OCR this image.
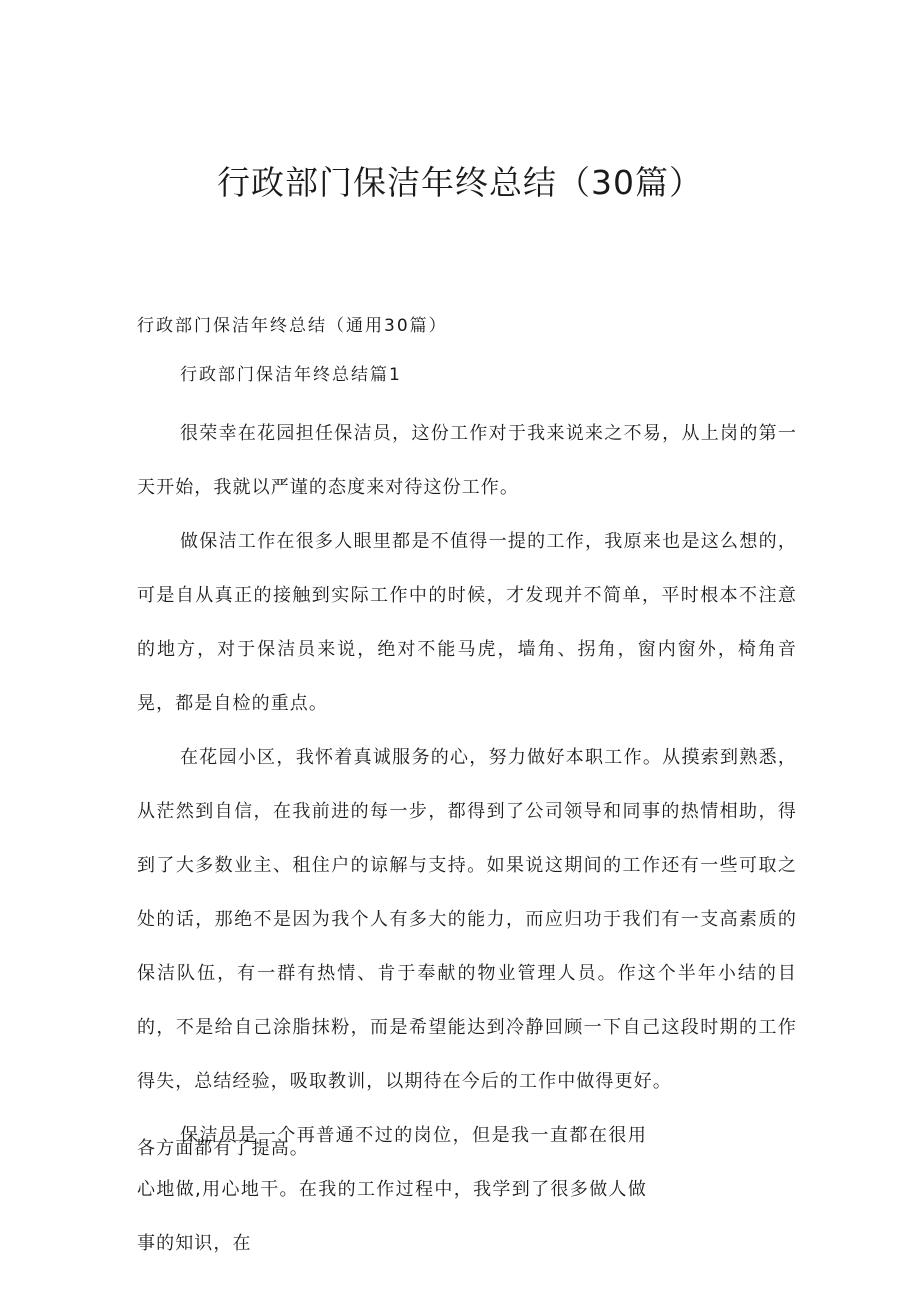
行政部门保洁年终总结（30篇）

行政部门保洁年终总结（通用30篇）

行政部门保洁年终总结篇1

很荣幸在花园担任保洁员，这份工作对于我来说来之不易，从上岗的第一天开始，我就以严谨的态度来对待这份工作。

做保洁工作在很多人眼里都是不值得一提的工作，我原来也是这么想的，可是自从真正的接触到实际工作中的时候，才发现并不简单，平时根本不注意的地方，对于保洁员来说，绝对不能马虎，墙角、拐角，窗内窗外，椅角音晃，都是自检的重点。

在花园小区，我怀着真诚服务的心，努力做好本职工作。从摸索到熟悉，从茫然到自信，在我前进的每一步，都得到了公司领导和同事的热情相助，得到了大多数业主、租住户的谅解与支持。如果说这期间的工作还有一些可取之处的话，那绝不是因为我个人有多大的能力，而应归功于我们有一支高素质的保洁队伍，有一群有热情、肯于奉献的物业管理人员。作这个半年小结的目的，不是给自己涂脂抹粉，而是希望能达到冷静回顾一下自己这段时期的工作得失，总结经验，吸取教训，以期待在今后的工作中做得更好。

保洁员是一个再普通不过的岗位，但是我一直都在很用心地做,用心地干。在我的工作过程中，我学到了很多做人做事的知识，在

各方面都有了提高。
